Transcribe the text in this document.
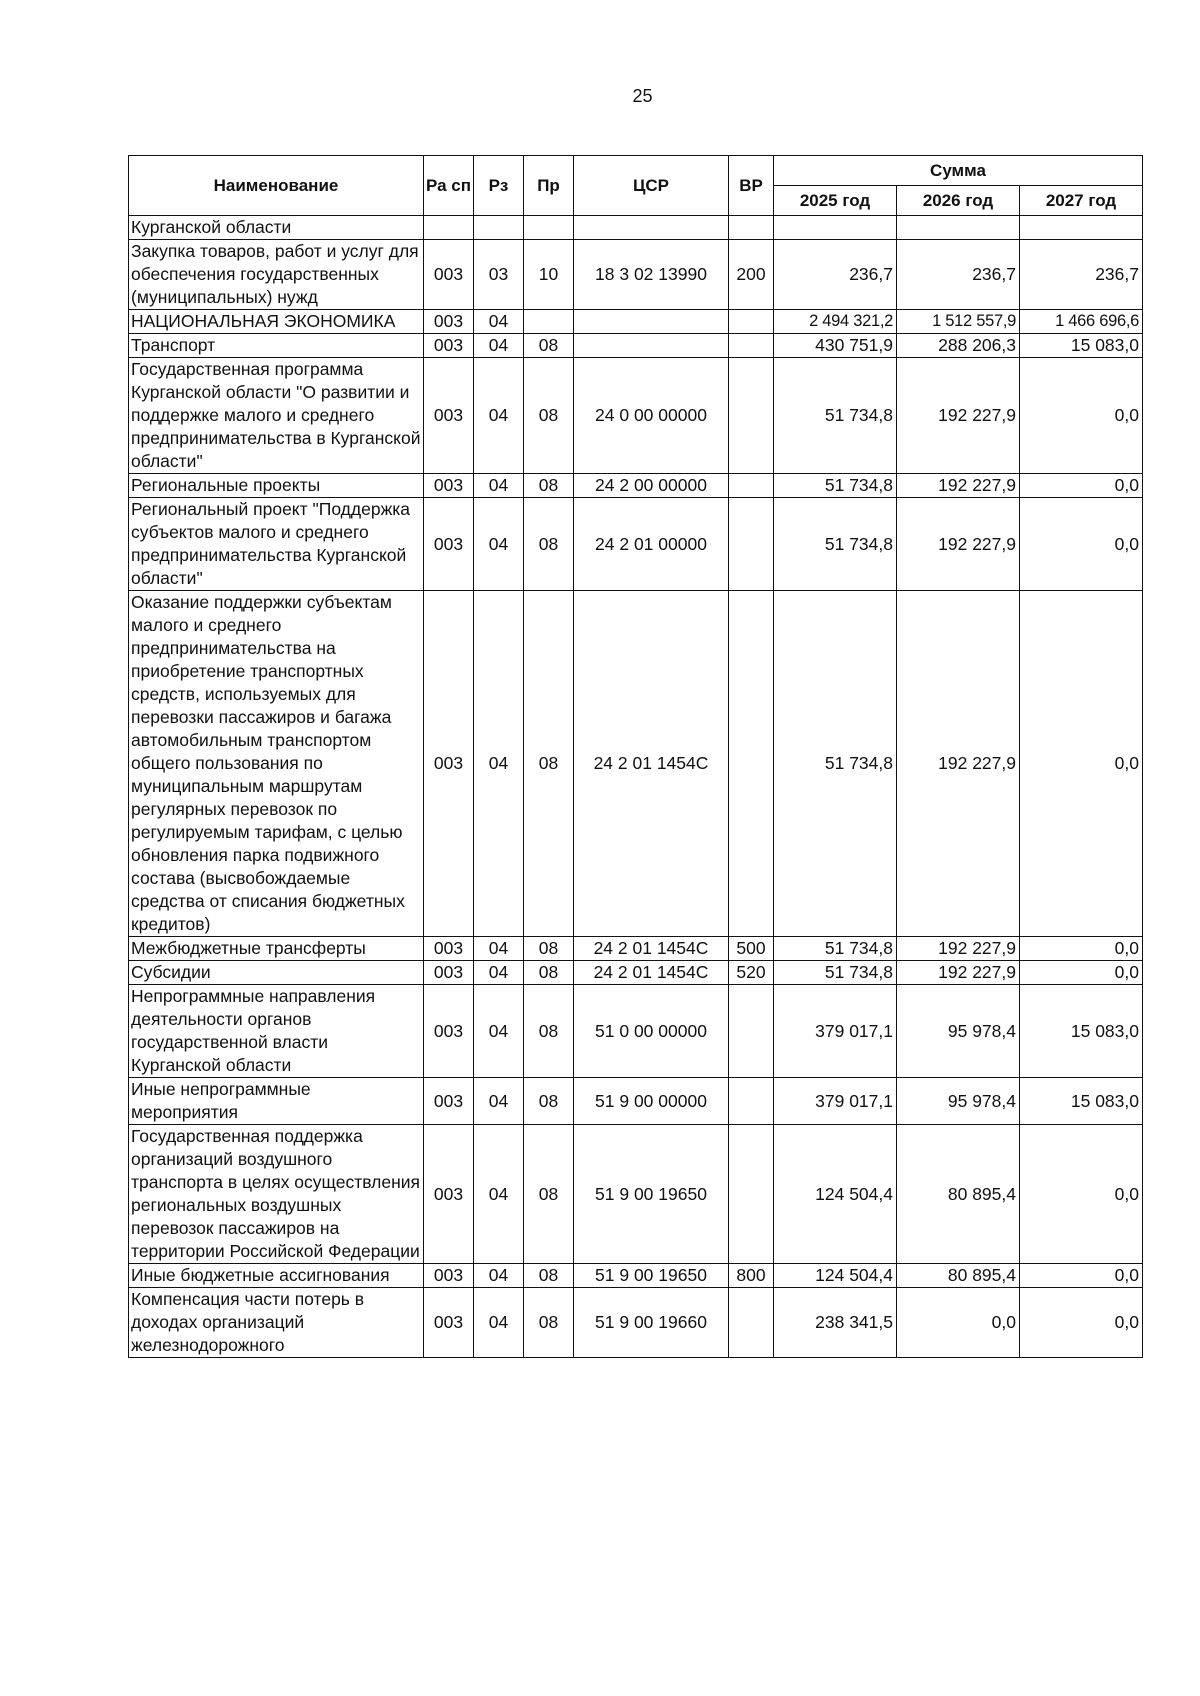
25
Наименование	Ра сп	Рз	Пр	ЦСР	ВР	Сумма		
						2025 год	2026 год	2027 год
Курганской области								
Закупка товаров, работ и услуг для обеспечения государственных (муниципальных) нужд	003	03	10	18 3 02 13990	200	236,7	236,7	236,7
НАЦИОНАЛЬНАЯ ЭКОНОМИКА	003	04				2 494 321,2	1 512 557,9	1 466 696,6
Транспорт	003	04	08			430 751,9	288 206,3	15 083,0
Государственная программа Курганской области "О развитии и поддержке малого и среднего предпринимательства в Курганской области"	003	04	08	24 0 00 00000		51 734,8	192 227,9	0,0
Региональные проекты	003	04	08	24 2 00 00000		51 734,8	192 227,9	0,0
Региональный проект "Поддержка субъектов малого и среднего предпринимательства Курганской области"	003	04	08	24 2 01 00000		51 734,8	192 227,9	0,0
Оказание поддержки субъектам малого и среднего предпринимательства на приобретение транспортных средств, используемых для перевозки пассажиров и багажа автомобильным транспортом общего пользования по муниципальным маршрутам регулярных перевозок по регулируемым тарифам, с целью обновления парка подвижного состава (высвобождаемые средства от списания бюджетных кредитов)	003	04	08	24 2 01 1454С		51 734,8	192 227,9	0,0
Межбюджетные трансферты	003	04	08	24 2 01 1454С	500	51 734,8	192 227,9	0,0
Субсидии	003	04	08	24 2 01 1454С	520	51 734,8	192 227,9	0,0
Непрограммные направления деятельности органов государственной власти Курганской области	003	04	08	51 0 00 00000		379 017,1	95 978,4	15 083,0
Иные непрограммные мероприятия	003	04	08	51 9 00 00000		379 017,1	95 978,4	15 083,0
Государственная поддержка организаций воздушного транспорта в целях осуществления региональных воздушных перевозок пассажиров на территории Российской Федерации	003	04	08	51 9 00 19650		124 504,4	80 895,4	0,0
Иные бюджетные ассигнования	003	04	08	51 9 00 19650	800	124 504,4	80 895,4	0,0
Компенсация части потерь в доходах организаций железнодорожного	003	04	08	51 9 00 19660		238 341,5	0,0	0,0
